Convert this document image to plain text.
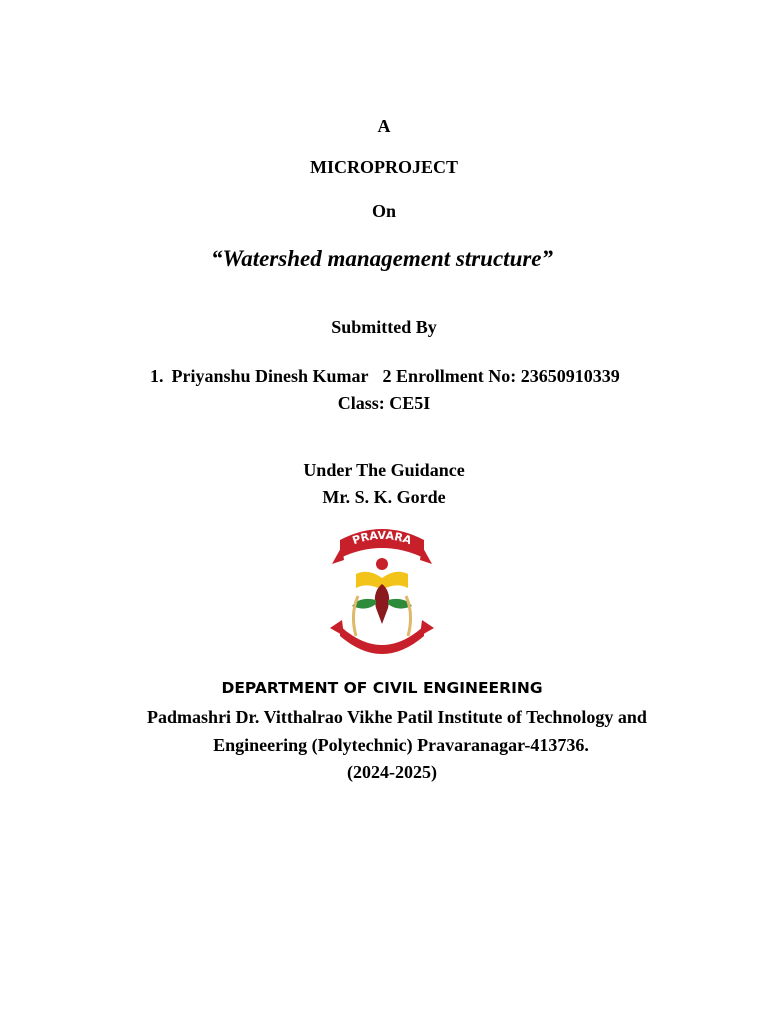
A
MICROPROJECT
On
“Watershed management structure”
Submitted By
1. Priyanshu Dinesh Kumar 2 Enrollment No: 23650910339
Class: CE5I
Under The Guidance
Mr. S. K. Gorde
PRAVARA
1964
DEPARTMENT OF CIVIL ENGINEERING
Padmashri Dr. Vitthalrao Vikhe Patil Institute of Technology and
Engineering (Polytechnic) Pravaranagar-413736.
(2024-2025)
